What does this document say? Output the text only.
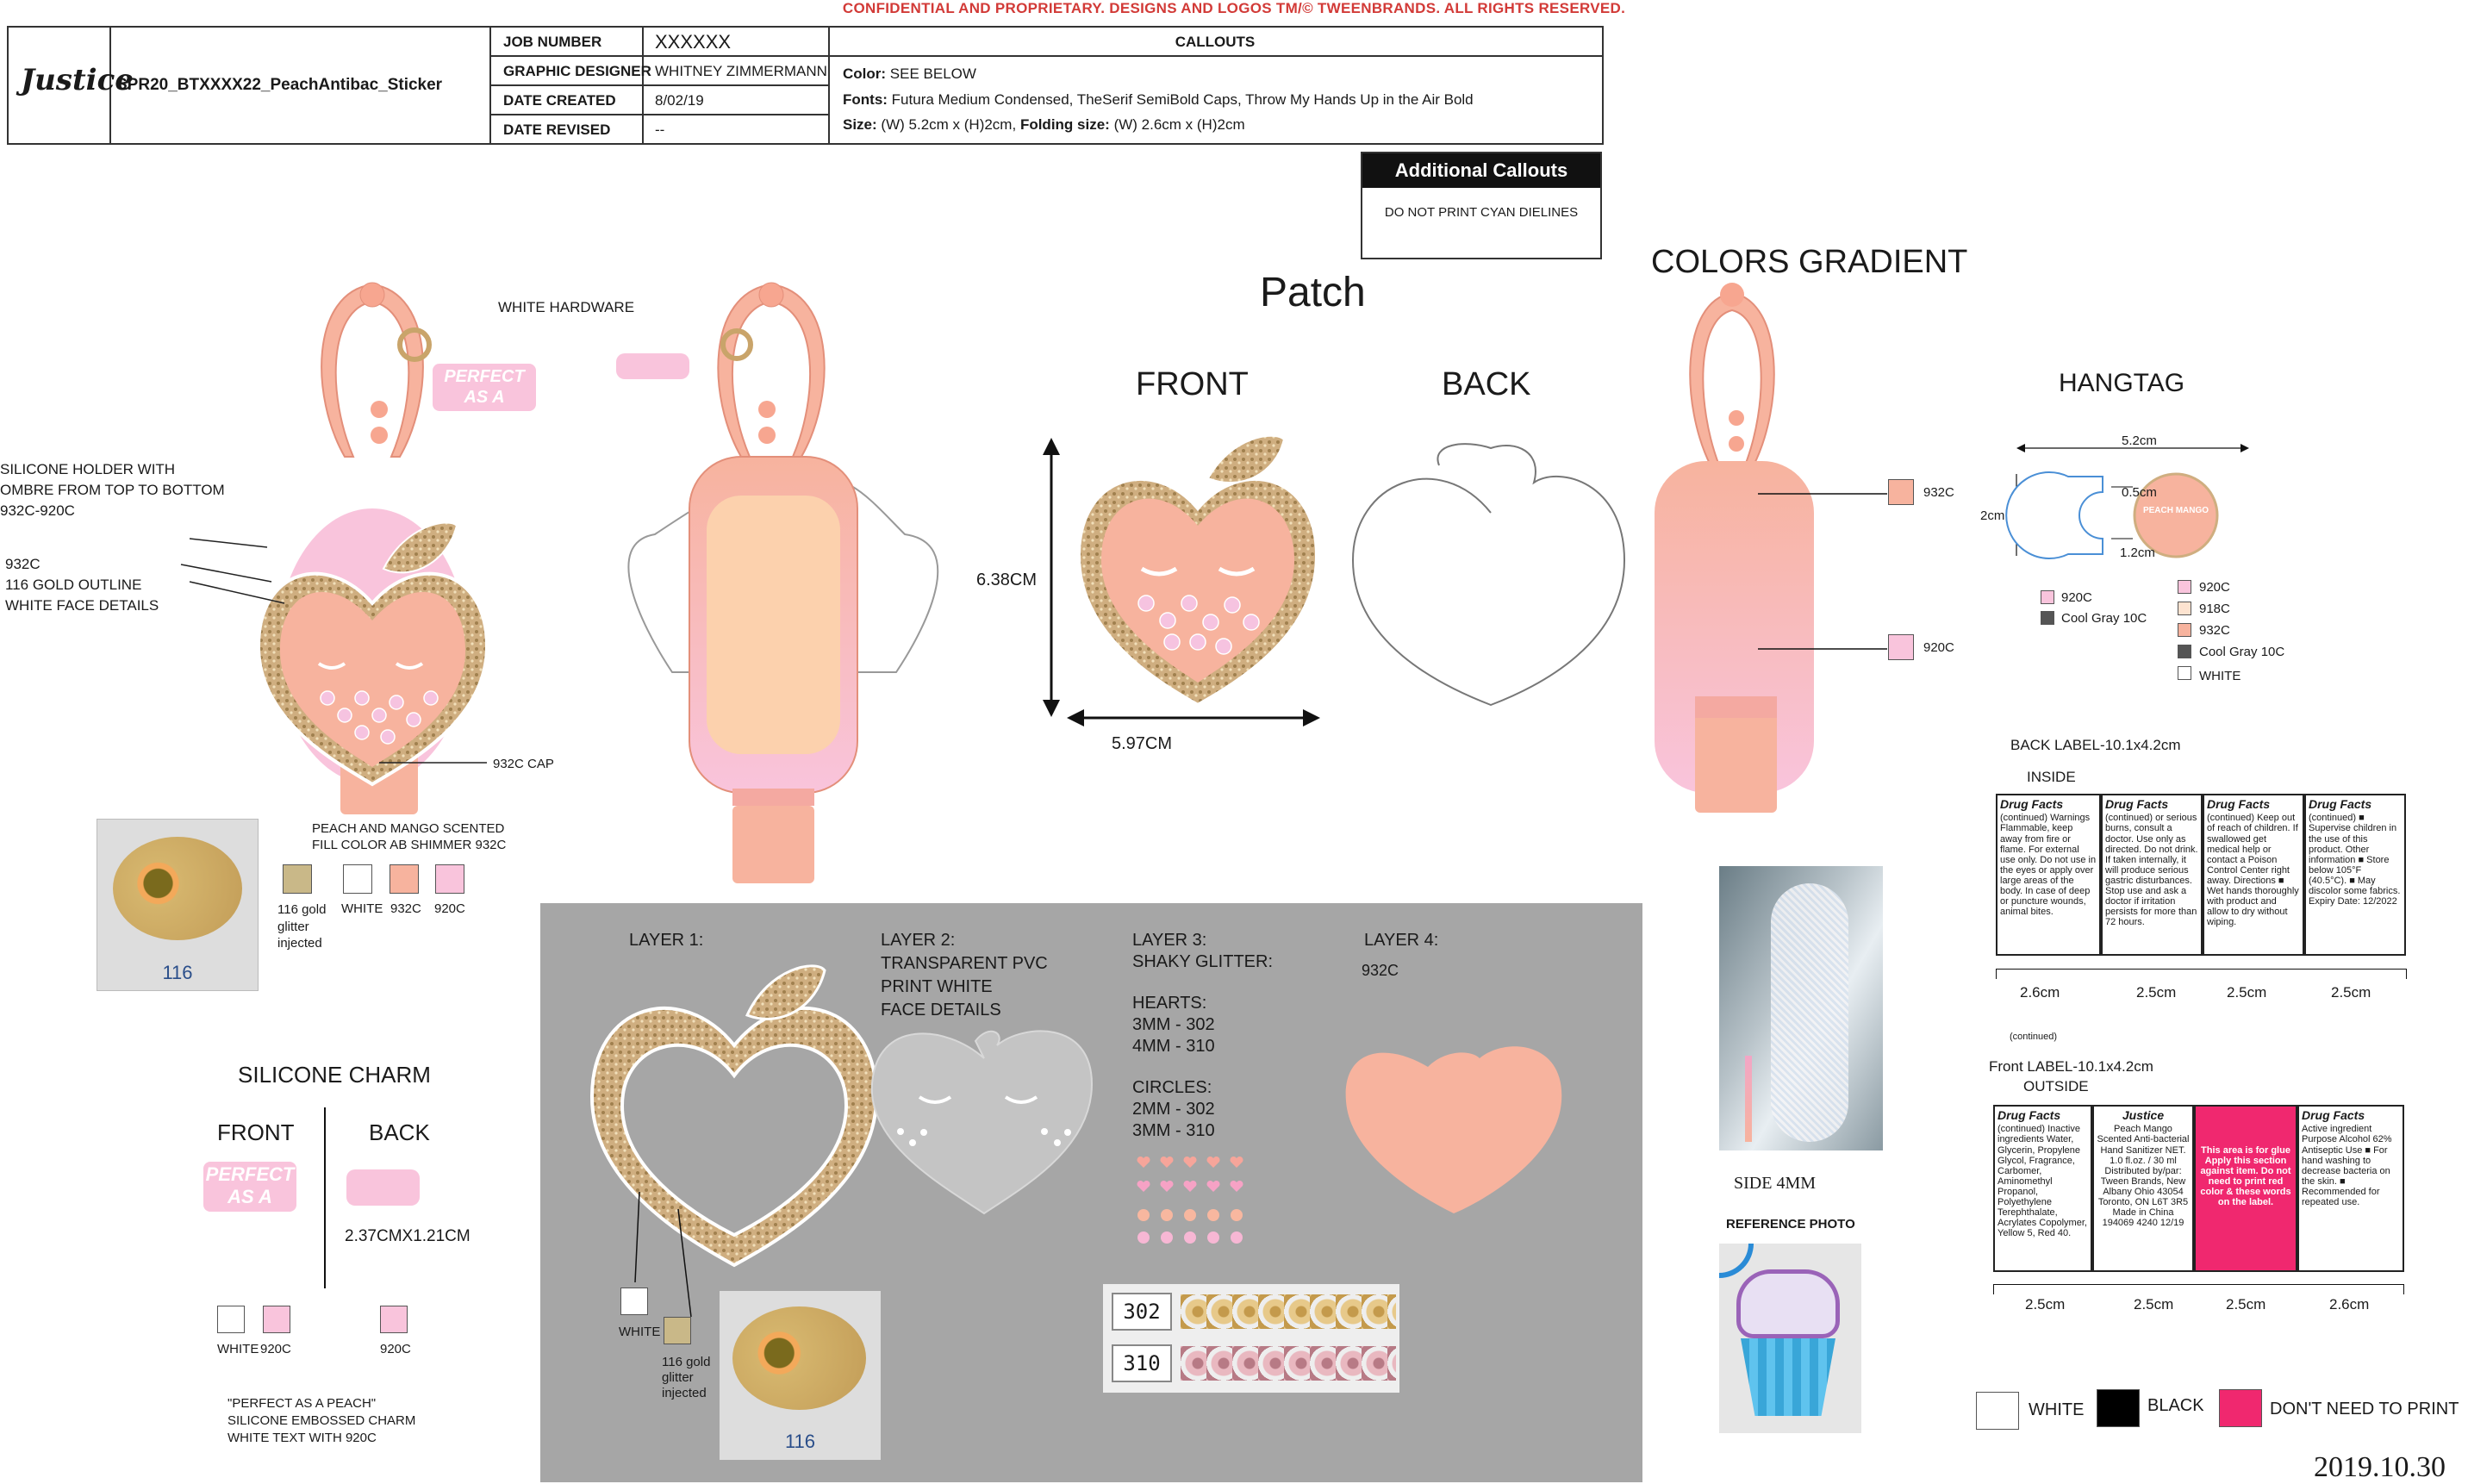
CONFIDENTIAL AND PROPRIETARY. DESIGNS AND LOGOS TM/© TWEENBRANDS. ALL RIGHTS RESERVED.
Justice
SPR20_BTXXXX22_PeachAntibac_Sticker
JOB NUMBER	XXXXXX
GRAPHIC DESIGNER WHITNEY ZIMMERMANN
DATE CREATED	8/02/19
DATE REVISED	--
CALLOUTS
Color: SEE BELOW
Fonts: Futura Medium Condensed, TheSerif SemiBold Caps, Throw My Hands Up in the Air Bold
Size: (W) 5.2cm x (H)2cm, Folding size: (W) 2.6cm x (H)2cm
Additional Callouts
DO NOT PRINT CYAN DIELINES
WHITE HARDWARE
PERFECT AS A PEACH
SILICONE HOLDER WITH
OMBRE FROM TOP TO BOTTOM
932C-920C
932C
116 GOLD OUTLINE
WHITE FACE DETAILS
932C CAP
116
PEACH AND MANGO SCENTED
FILL COLOR AB SHIMMER 932C
116 gold glitter injected
WHITE 932C 920C
Patch
FRONT	BACK
6.38CM
5.97CM
COLORS GRADIENT
932C
920C
HANGTAG
PEACH MANGO
5.2cm
2cm
0.5cm
1.2cm
920C
Cool Gray 10C
920C
918C
932C
Cool Gray 10C
WHITE
SILICONE CHARM
FRONT	BACK
PERFECT AS A PEACH
2.37CMX1.21CM
WHITE 920C	920C
"PERFECT AS A PEACH"
SILICONE EMBOSSED CHARM
WHITE TEXT WITH 920C
LAYER 1:	LAYER 2:
TRANSPARENT PVC
PRINT WHITE
FACE DETAILS
LAYER 3:
SHAKY GLITTER:
HEARTS:
3MM - 302
4MM - 310
CIRCLES:
2MM - 302
3MM - 310
LAYER 4:
932C
WHITE
116 gold
glitter
injected
116
302
310
SIDE 4MM
REFERENCE PHOTO
BACK LABEL-10.1x4.2cm
INSIDE
Drug Facts
(continued) Warnings Flammable, keep away from fire or flame. For external use only. Do not use in the eyes or apply over large areas of the body. In case of deep or puncture wounds, animal bites.
Drug Facts
(continued) or serious burns, consult a doctor. Use only as directed. Do not drink. If taken internally, it will produce serious gastric disturbances. Stop use and ask a doctor if irritation persists for more than 72 hours.
Drug Facts
(continued) Keep out of reach of children. If swallowed get medical help or contact a Poison Control Center right away. Directions ■ Wet hands thoroughly with product and allow to dry without wiping.
Drug Facts
(continued) ■ Supervise children in the use of this product. Other information ■ Store below 105°F (40.5°C). ■ May discolor some fabrics. Expiry Date: 12/2022
2.6cm	2.5cm	2.5cm	2.5cm
(continued)
Front LABEL-10.1x4.2cm
OUTSIDE
Drug Facts
(continued) Inactive ingredients Water, Glycerin, Propylene Glycol, Fragrance, Carbomer, Aminomethyl Propanol, Polyethylene Terephthalate, Acrylates Copolymer, Yellow 5, Red 40.
Justice
Peach Mango Scented Anti-bacterial Hand Sanitizer NET. 1.0 fl.oz. / 30 ml Distributed by/par: Tween Brands, New Albany Ohio 43054 Toronto, ON L6T 3R5 Made in China 194069 4240 12/19
This area is for glue Apply this section against item. Do not need to print red color & these words on the label.
Drug Facts
Active ingredient Purpose Alcohol 62% Antiseptic Use ■ For hand washing to decrease bacteria on the skin. ■ Recommended for repeated use.
2.5cm	2.5cm	2.5cm	2.6cm
WHITE	BLACK	DON'T NEED TO PRINT
2019.10.30
